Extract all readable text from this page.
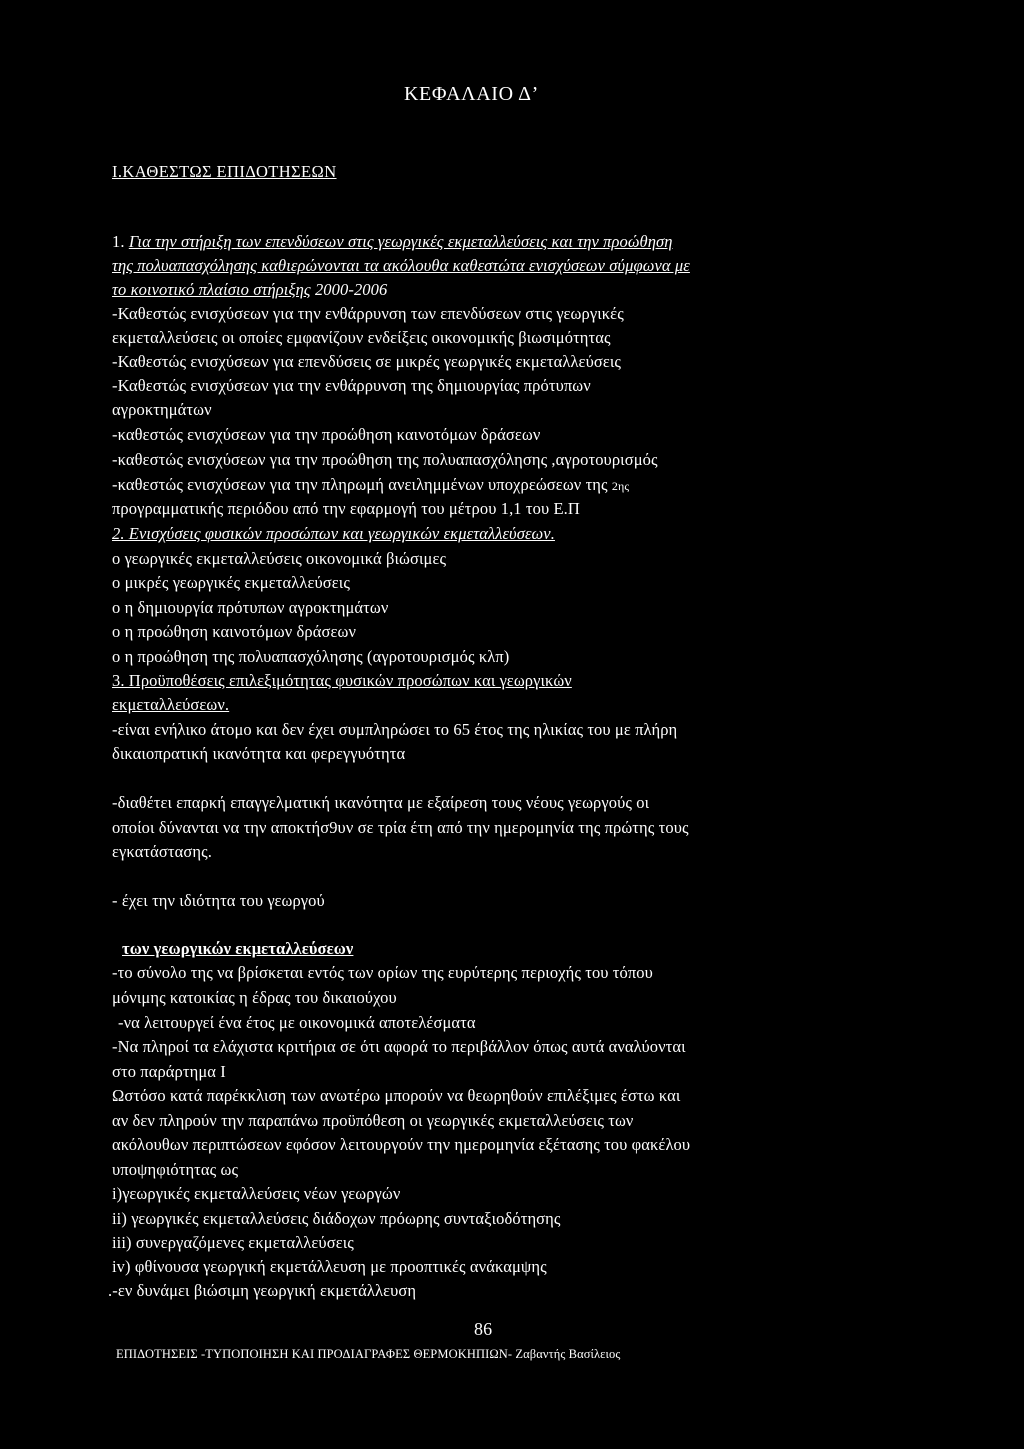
ΚΕΦΑΛΑΙΟ Δ’
Ι.ΚΑΘΕΣΤΩΣ ΕΠΙΔΟΤΗΣΕΩΝ
1. Για την στήριξη των επενδύσεων στις γεωργικές εκμεταλλεύσεις και την προώθηση
της πολυαπασχόλησης καθιερώνονται τα ακόλουθα καθεστώτα ενισχύσεων σύμφωνα με
το κοινοτικό πλαίσιο στήριξης 2000-2006
-Καθεστώς ενισχύσεων για την ενθάρρυνση των επενδύσεων στις γεωργικές
εκμεταλλεύσεις οι οποίες εμφανίζουν ενδείξεις οικονομικής βιωσιμότητας
-Καθεστώς ενισχύσεων για επενδύσεις σε μικρές γεωργικές εκμεταλλεύσεις
-Καθεστώς ενισχύσεων για την ενθάρρυνση της δημιουργίας πρότυπων
αγροκτημάτων
-καθεστώς ενισχύσεων για την προώθηση καινοτόμων δράσεων
-καθεστώς ενισχύσεων για την προώθηση της πολυαπασχόλησης ,αγροτουρισμός
-καθεστώς ενισχύσεων για την πληρωμή ανειλημμένων υποχρεώσεων της 2ης
προγραμματικής περιόδου από την εφαρμογή του μέτρου 1,1 του Ε.Π
2. Ενισχύσεις φυσικών προσώπων και γεωργικών εκμεταλλεύσεων.
ο γεωργικές εκμεταλλεύσεις οικονομικά βιώσιμες
ο μικρές γεωργικές εκμεταλλεύσεις
ο η δημιουργία πρότυπων αγροκτημάτων
ο η προώθηση καινοτόμων δράσεων
ο η προώθηση της πολυαπασχόλησης (αγροτουρισμός κλπ)
3. Προϋποθέσεις επιλεξιμότητας φυσικών προσώπων και γεωργικών
εκμεταλλεύσεων.
-είναι ενήλικο άτομο και δεν έχει συμπληρώσει το 65 έτος της ηλικίας του με πλήρη
δικαιοπρατική ικανότητα και φερεγγυότητα
-διαθέτει επαρκή επαγγελματική ικανότητα με εξαίρεση τους νέους γεωργούς οι
οποίοι δύνανται να την αποκτήσ9υν σε τρία έτη από την ημερομηνία της πρώτης τους
εγκατάστασης.
- έχει την ιδιότητα του γεωργού
των γεωργικών εκμεταλλεύσεων
-το σύνολο της να βρίσκεται εντός των ορίων της ευρύτερης περιοχής του τόπου
μόνιμης κατοικίας η έδρας του δικαιούχου
-να λειτουργεί ένα έτος με οικονομικά αποτελέσματα
-Να πληροί τα ελάχιστα κριτήρια σε ότι αφορά το περιβάλλον όπως αυτά αναλύονται
στο παράρτημα Ι
Ωστόσο κατά παρέκκλιση των ανωτέρω μπορούν να θεωρηθούν επιλέξιμες έστω και
αν δεν πληρούν την παραπάνω προϋπόθεση οι γεωργικές εκμεταλλεύσεις των
ακόλουθων περιπτώσεων εφόσον λειτουργούν την ημερομηνία εξέτασης του φακέλου
υποψηφιότητας ως
i)γεωργικές εκμεταλλεύσεις νέων γεωργών
ii) γεωργικές εκμεταλλεύσεις διάδοχων πρόωρης συνταξιοδότησης
iii) συνεργαζόμενες εκμεταλλεύσεις
iv) φθίνουσα γεωργική εκμετάλλευση με προοπτικές ανάκαμψης
.-εν δυνάμει βιώσιμη γεωργική εκμετάλλευση
86
ΕΠΙΔΟΤΗΣΕΙΣ -ΤΥΠΟΠΟΙΗΣΗ ΚΑΙ ΠΡΟΔΙΑΓΡΑΦΕΣ ΘΕΡΜΟΚΗΠΙΩΝ- Ζαβαντής Βασίλειος
